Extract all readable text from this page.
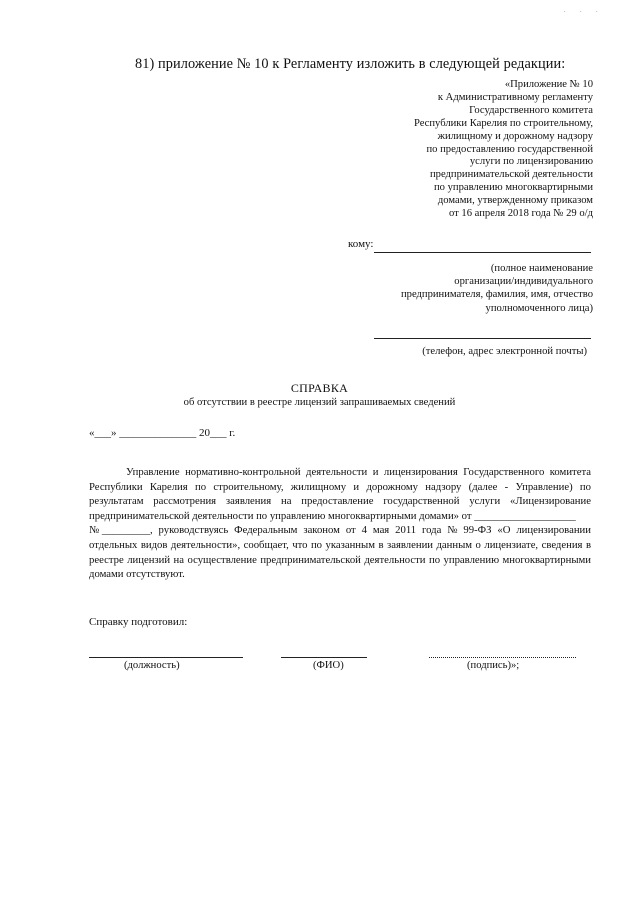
· · ·
81) приложение № 10 к Регламенту изложить в следующей редакции:
«Приложение № 10
к Административному регламенту
Государственного комитета
Республики Карелия по строительному,
жилищному и дорожному надзору
по предоставлению государственной
услуги по лицензированию
предпринимательской деятельности
по управлению многоквартирными
домами, утвержденному приказом
от 16 апреля 2018 года № 29 о/д
кому:
(полное наименование
организации/индивидуального
предпринимателя, фамилия, имя, отчество
уполномоченного лица)
(телефон, адрес электронной почты)
СПРАВКА
об отсутствии в реестре лицензий запрашиваемых сведений
«___» ______________ 20___ г.
Управление нормативно-контрольной деятельности и лицензирования Государственного комитета Республики Карелия по строительному, жилищному и дорожному надзору (далее - Управление) по результатам рассмотрения заявления на предоставление государственной услуги «Лицензирование предпринимательской деятельности по управлению многоквартирными домами» от ___________________
№ _________, руководствуясь Федеральным законом от 4 мая 2011 года № 99-ФЗ «О лицензировании
отдельных видов деятельности», сообщает, что по указанным в заявлении данным о лицензиате, сведения в реестре лицензий на осуществление предпринимательской деятельности по управлению многоквартирными домами отсутствуют.
Справку подготовил:
(должность)	(ФИО)	(подпись)»;
